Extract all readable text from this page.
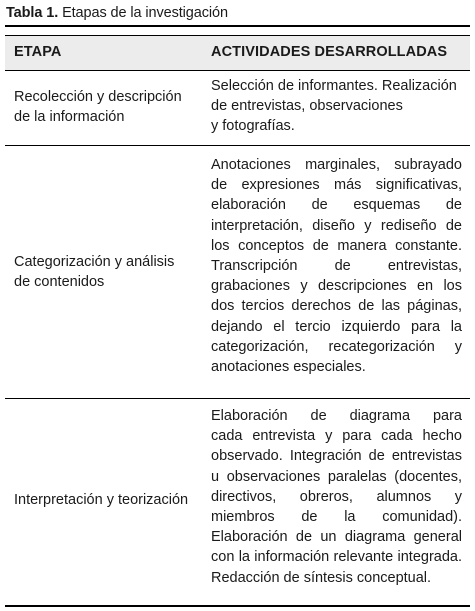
Tabla 1. Etapas de la investigación
ETAPA	ACTIVIDADES DESARROLLADAS
Recolección y descripción
de la información
Selección de informantes. Realización
de entrevistas, observaciones
y fotografías.
Categorización y análisis
de contenidos
Anotaciones marginales, subrayado
de expresiones más significativas,
elaboración de esquemas de
interpretación, diseño y rediseño de
los conceptos de manera constante.
Transcripción de entrevistas,
grabaciones y descripciones en los
dos tercios derechos de las páginas,
dejando el tercio izquierdo para la
categorización, recategorización y
anotaciones especiales.
Interpretación y teorización
Elaboración de diagrama para
cada entrevista y para cada hecho
observado. Integración de entrevistas
u observaciones paralelas (docentes,
directivos, obreros, alumnos y
miembros de la comunidad).
Elaboración de un diagrama general
con la información relevante integrada.
Redacción de síntesis conceptual.
